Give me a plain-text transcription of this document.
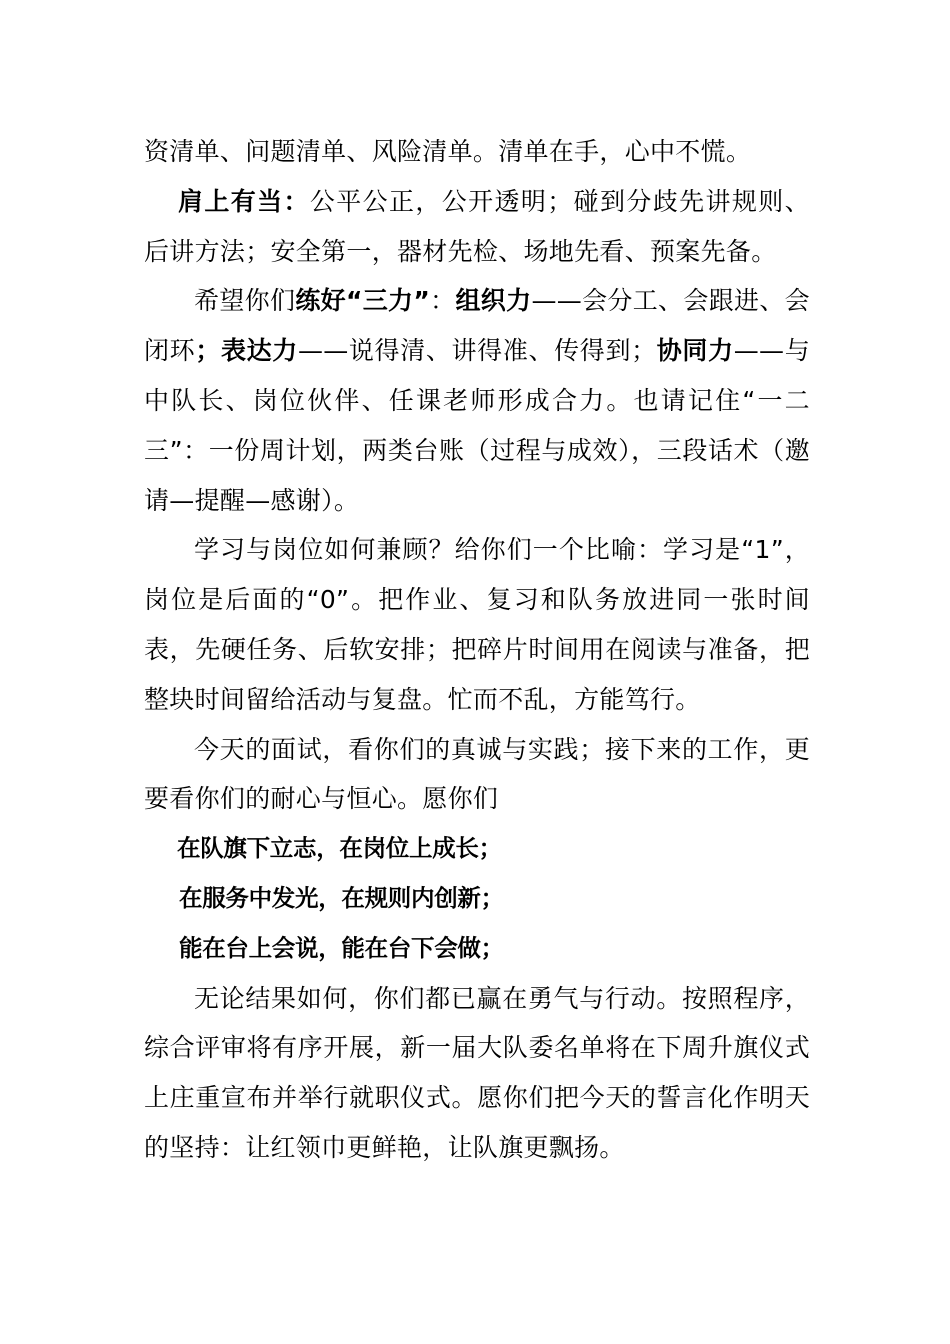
资清单、问题清单、风险清单。清单在手，心中不慌。

肩上有当：公平公正，公开透明；碰到分歧先讲规则、后讲方法；安全第一，器材先检、场地先看、预案先备。

希望你们练好“三力”：组织力——会分工、会跟进、会闭环；表达力——说得清、讲得准、传得到；协同力——与中队长、岗位伙伴、任课老师形成合力。也请记住“一二三”：一份周计划，两类台账（过程与成效），三段话术（邀请—提醒—感谢）。

学习与岗位如何兼顾？给你们一个比喻：学习是“1”，岗位是后面的“0”。把作业、复习和队务放进同一张时间表，先硬任务、后软安排；把碎片时间用在阅读与准备，把整块时间留给活动与复盘。忙而不乱，方能笃行。

今天的面试，看你们的真诚与实践；接下来的工作，更要看你们的耐心与恒心。愿你们

在队旗下立志，在岗位上成长；

在服务中发光，在规则内创新；

能在台上会说，能在台下会做；

无论结果如何，你们都已赢在勇气与行动。按照程序，综合评审将有序开展，新一届大队委名单将在下周升旗仪式上庄重宣布并举行就职仪式。愿你们把今天的誓言化作明天的坚持：让红领巾更鲜艳，让队旗更飘扬。
